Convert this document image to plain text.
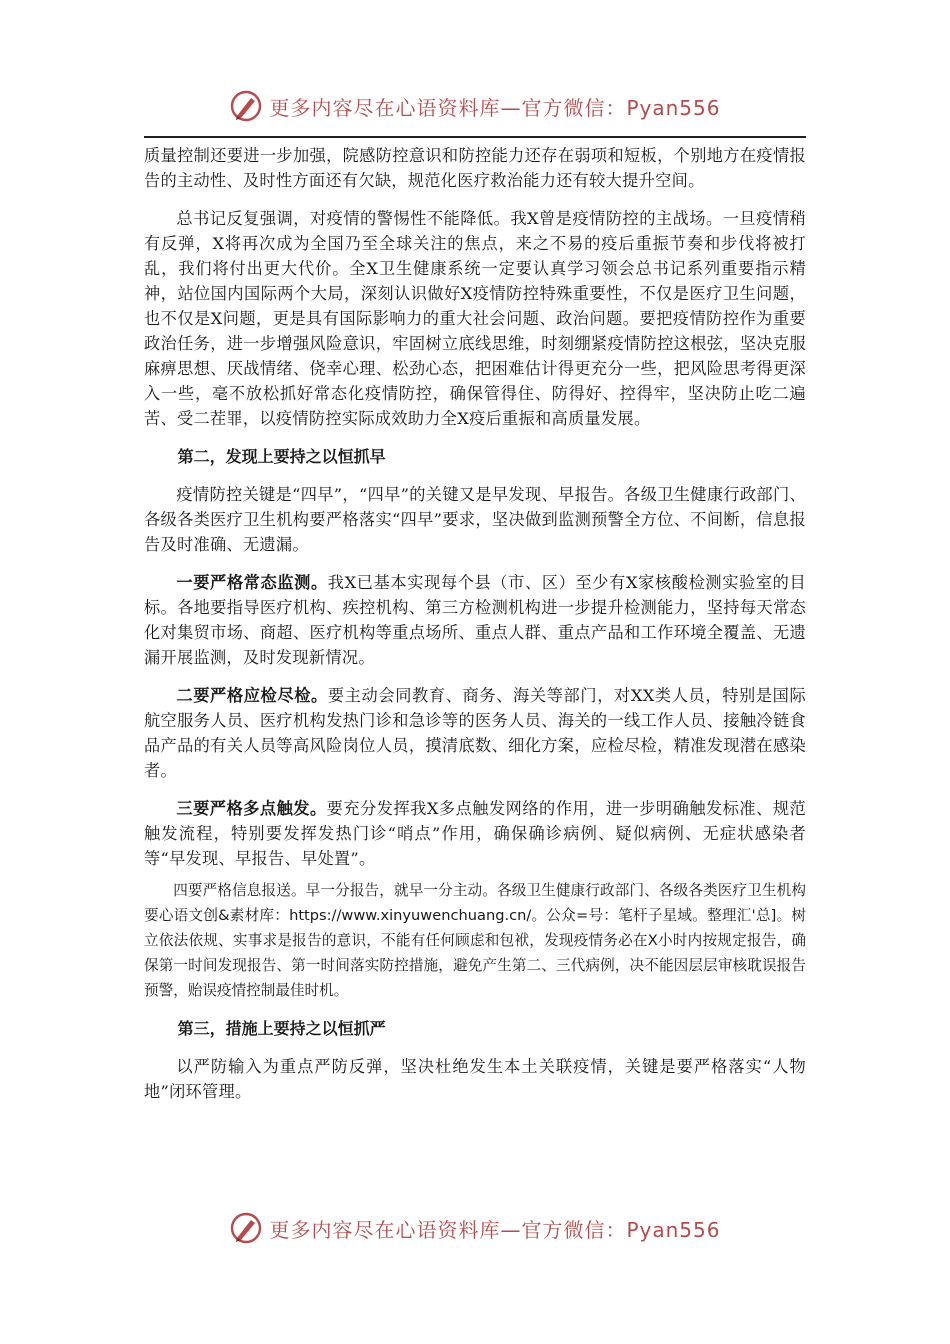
更多内容尽在心语资料库—官方微信：Pyan556

质量控制还要进一步加强，院感防控意识和防控能力还存在弱项和短板，个别地方在疫情报告的主动性、及时性方面还有欠缺，规范化医疗救治能力还有较大提升空间。

总书记反复强调，对疫情的警惕性不能降低。我X曾是疫情防控的主战场。一旦疫情稍有反弹，X将再次成为全国乃至全球关注的焦点，来之不易的疫后重振节奏和步伐将被打乱，我们将付出更大代价。全X卫生健康系统一定要认真学习领会总书记系列重要指示精神，站位国内国际两个大局，深刻认识做好X疫情防控特殊重要性，不仅是医疗卫生问题，也不仅是X问题，更是具有国际影响力的重大社会问题、政治问题。要把疫情防控作为重要政治任务，进一步增强风险意识，牢固树立底线思维，时刻绷紧疫情防控这根弦，坚决克服麻痹思想、厌战情绪、侥幸心理、松劲心态，把困难估计得更充分一些，把风险思考得更深入一些，毫不放松抓好常态化疫情防控，确保管得住、防得好、控得牢，坚决防止吃二遍苦、受二茬罪，以疫情防控实际成效助力全X疫后重振和高质量发展。

第二，发现上要持之以恒抓早

疫情防控关键是“四早”，“四早”的关键又是早发现、早报告。各级卫生健康行政部门、各级各类医疗卫生机构要严格落实“四早”要求，坚决做到监测预警全方位、不间断，信息报告及时准确、无遗漏。

一要严格常态监测。我X已基本实现每个县（市、区）至少有X家核酸检测实验室的目标。各地要指导医疗机构、疾控机构、第三方检测机构进一步提升检测能力，坚持每天常态化对集贸市场、商超、医疗机构等重点场所、重点人群、重点产品和工作环境全覆盖、无遗漏开展监测，及时发现新情况。

二要严格应检尽检。要主动会同教育、商务、海关等部门，对XX类人员，特别是国际航空服务人员、医疗机构发热门诊和急诊等的医务人员、海关的一线工作人员、接触冷链食品产品的有关人员等高风险岗位人员，摸清底数、细化方案，应检尽检，精准发现潜在感染者。

三要严格多点触发。要充分发挥我X多点触发网络的作用，进一步明确触发标准、规范触发流程，特别要发挥发热门诊“哨点”作用，确保确诊病例、疑似病例、无症状感染者等“早发现、早报告、早处置”。

四要严格信息报送。早一分报告，就早一分主动。各级卫生健康行政部门、各级各类医疗卫生机构要心语文创&素材库：https://www.xinyuwenchuang.cn/。公众=号：笔杆子星域。整理汇'总]。树立依法依规、实事求是报告的意识，不能有任何顾虑和包袱，发现疫情务必在X小时内按规定报告，确保第一时间发现报告、第一时间落实防控措施，避免产生第二、三代病例，决不能因层层审核耽误报告预警，贻误疫情控制最佳时机。

第三，措施上要持之以恒抓严

以严防输入为重点严防反弹，坚决杜绝发生本土关联疫情，关键是要严格落实“人物地”闭环管理。

更多内容尽在心语资料库—官方微信：Pyan556
